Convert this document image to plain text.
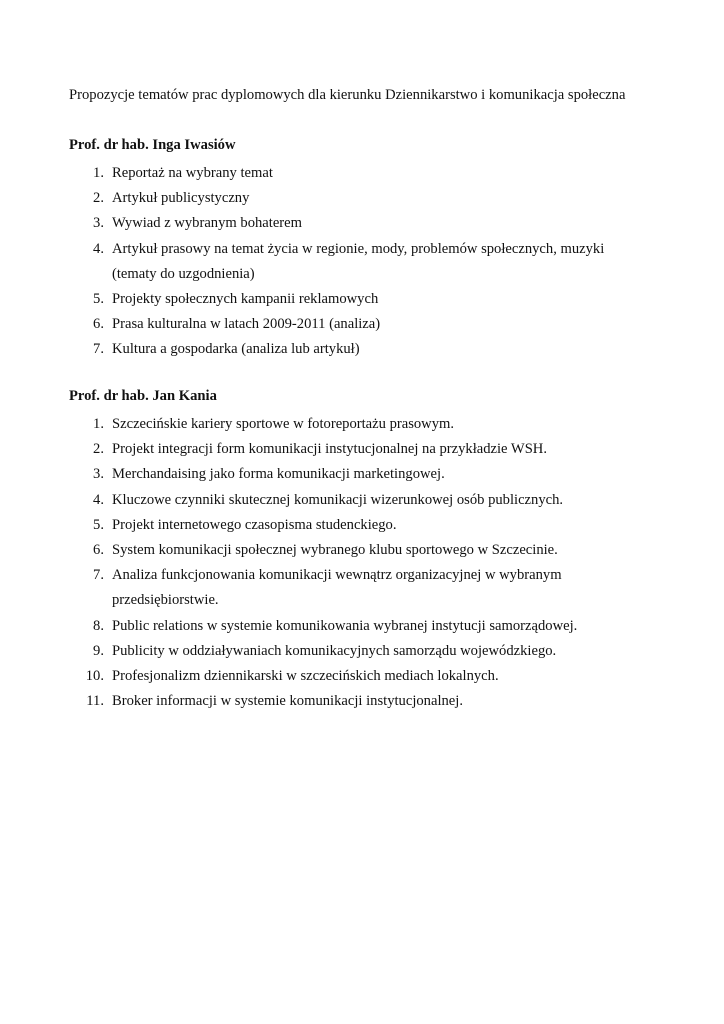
Propozycje tematów prac dyplomowych dla kierunku Dziennikarstwo i komunikacja społeczna

Prof. dr hab. Inga Iwasiów
1. Reportaż na wybrany temat
2. Artykuł publicystyczny
3. Wywiad z wybranym bohaterem
4. Artykuł prasowy na temat życia w regionie, mody, problemów społecznych, muzyki
(tematy do uzgodnienia)
5. Projekty społecznych kampanii reklamowych
6. Prasa kulturalna w latach 2009-2011 (analiza)
7. Kultura a gospodarka (analiza lub artykuł)
Prof. dr hab. Jan Kania
1. Szczecińskie kariery sportowe w fotoreportażu prasowym.
2. Projekt integracji form komunikacji instytucjonalnej na przykładzie WSH.
3. Merchandaising jako forma komunikacji marketingowej.
4. Kluczowe czynniki skutecznej komunikacji wizerunkowej osób publicznych.
5. Projekt internetowego czasopisma studenckiego.
6. System komunikacji społecznej wybranego klubu sportowego w Szczecinie.
7. Analiza funkcjonowania komunikacji wewnątrz organizacyjnej w wybranym
przedsiębiorstwie.
8. Public relations w systemie komunikowania wybranej instytucji samorządowej.
9. Publicity w oddziaływaniach komunikacyjnych samorządu wojewódzkiego.
10. Profesjonalizm dziennikarski w szczecińskich mediach lokalnych.
11. Broker informacji w systemie komunikacji instytucjonalnej.
